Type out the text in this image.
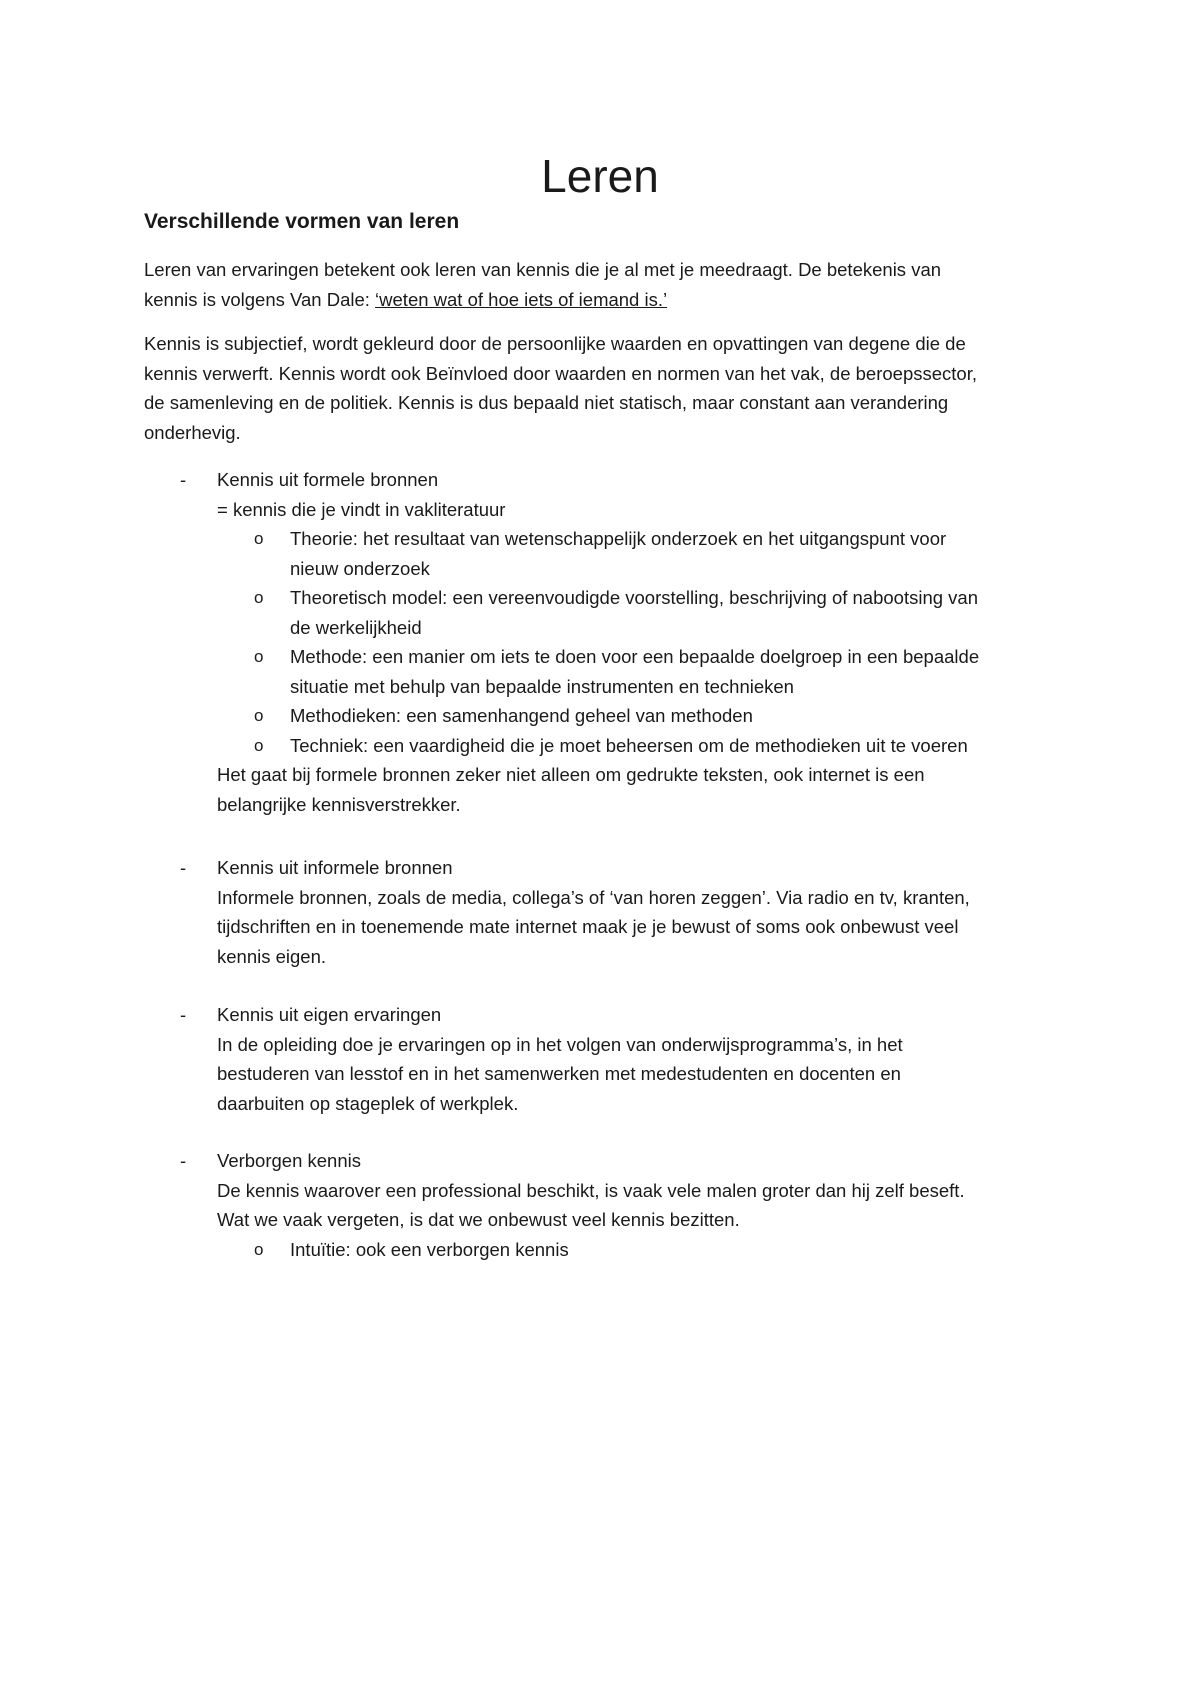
Leren
Verschillende vormen van leren
Leren van ervaringen betekent ook leren van kennis die je al met je meedraagt. De betekenis van
kennis is volgens Van Dale: ‘weten wat of hoe iets of iemand is.’
Kennis is subjectief, wordt gekleurd door de persoonlijke waarden en opvattingen van degene die de
kennis verwerft. Kennis wordt ook Beïnvloed door waarden en normen van het vak, de beroepssector,
de samenleving en de politiek. Kennis is dus bepaald niet statisch, maar constant aan verandering
onderhevig.
- Kennis uit formele bronnen
= kennis die je vindt in vakliteratuur
o Theorie: het resultaat van wetenschappelijk onderzoek en het uitgangspunt voor
nieuw onderzoek
o Theoretisch model: een vereenvoudigde voorstelling, beschrijving of nabootsing van
de werkelijkheid
o Methode: een manier om iets te doen voor een bepaalde doelgroep in een bepaalde
situatie met behulp van bepaalde instrumenten en technieken
o Methodieken: een samenhangend geheel van methoden
o Techniek: een vaardigheid die je moet beheersen om de methodieken uit te voeren
Het gaat bij formele bronnen zeker niet alleen om gedrukte teksten, ook internet is een
belangrijke kennisverstrekker.
- Kennis uit informele bronnen
Informele bronnen, zoals de media, collega’s of ‘van horen zeggen’. Via radio en tv, kranten,
tijdschriften en in toenemende mate internet maak je je bewust of soms ook onbewust veel
kennis eigen.
- Kennis uit eigen ervaringen
In de opleiding doe je ervaringen op in het volgen van onderwijsprogramma’s, in het
bestuderen van lesstof en in het samenwerken met medestudenten en docenten en
daarbuiten op stageplek of werkplek.
- Verborgen kennis
De kennis waarover een professional beschikt, is vaak vele malen groter dan hij zelf beseft.
Wat we vaak vergeten, is dat we onbewust veel kennis bezitten.
o Intuïtie: ook een verborgen kennis
